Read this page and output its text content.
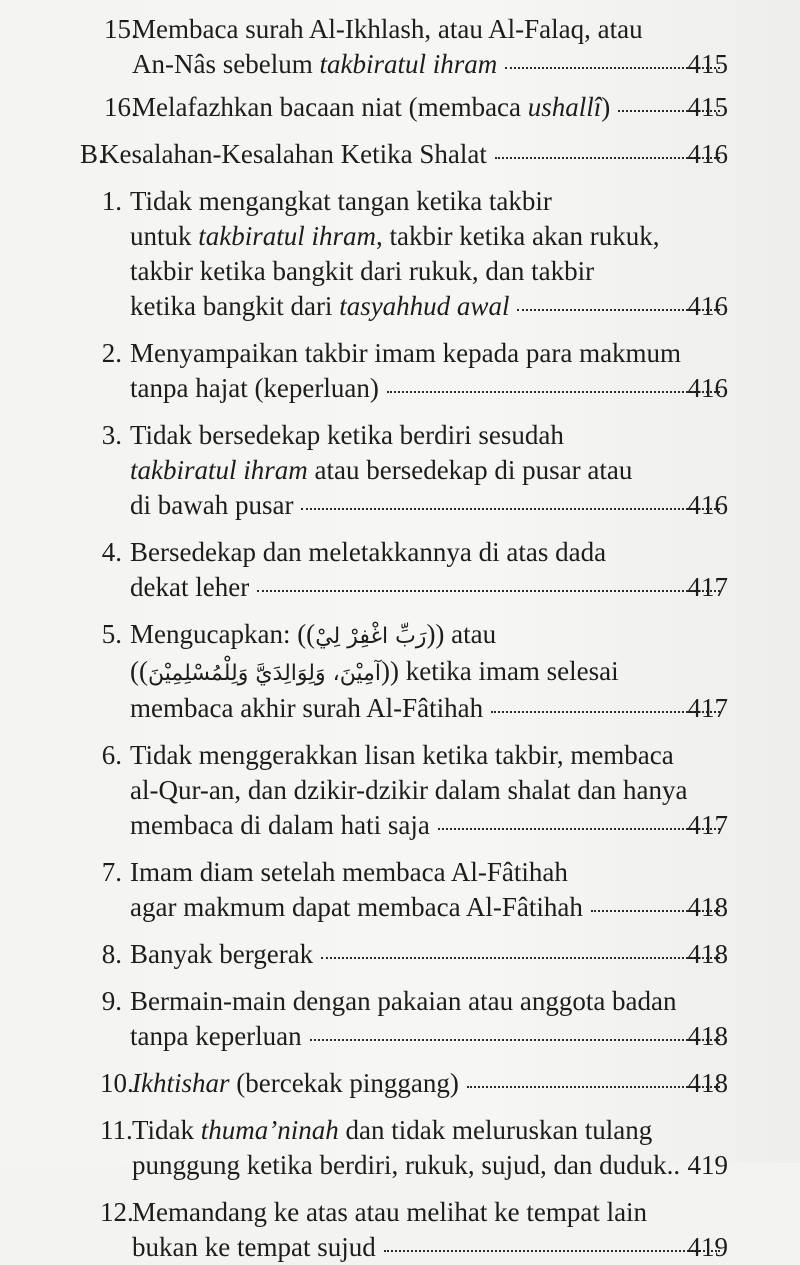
15.
Membaca surah Al-Ikhlash, atau Al-Falaq, atau
An-Nâs sebelum takbiratul ihram	415
16.
Melafazhkan bacaan niat (membaca ushallî)	415
B.
Kesalahan-Kesalahan Ketika Shalat	416
1. Tidak mengangkat tangan ketika takbir
untuk takbiratul ihram, takbir ketika akan rukuk,
takbir ketika bangkit dari rukuk, dan takbir
ketika bangkit dari tasyahhud awal	416
2. Menyampaikan takbir imam kepada para makmum
tanpa hajat (keperluan)	416
3. Tidak bersedekap ketika berdiri sesudah
takbiratul ihram atau bersedekap di pusar atau
di bawah pusar	416
4. Bersedekap dan meletakkannya di atas dada
dekat leher	417
5. Mengucapkan: ((رَبِّ اغْفِرْ لِيْ)) atau
((آمِيْنَ، وَلِوَالِدَيَّ وَلِلْمُسْلِمِيْنَ)) ketika imam selesai
membaca akhir surah Al-Fâtihah	417
6. Tidak menggerakkan lisan ketika takbir, membaca
al-Qur-an, dan dzikir-dzikir dalam shalat dan hanya
membaca di dalam hati saja	417
7. Imam diam setelah membaca Al-Fâtihah
agar makmum dapat membaca Al-Fâtihah	418
8. Banyak bergerak	418
9. Bermain-main dengan pakaian atau anggota badan
tanpa keperluan	418
10.
Ikhtishar (bercekak pinggang)	418
11. Tidak thuma’ninah dan tidak meluruskan tulang
punggung ketika berdiri, rukuk, sujud, dan duduk.. 419
12.
Memandang ke atas atau melihat ke tempat lain
bukan ke tempat sujud	419
